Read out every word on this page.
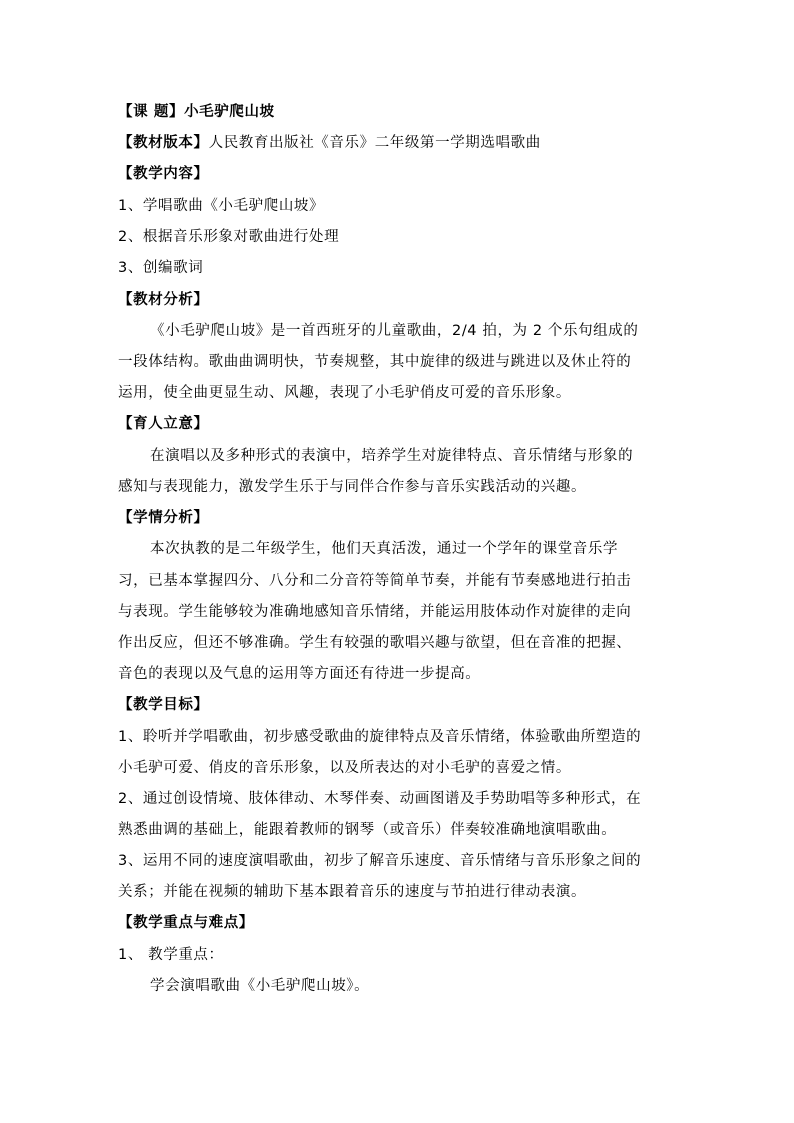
【课 题】小毛驴爬山坡
【教材版本】人民教育出版社《音乐》二年级第一学期选唱歌曲
【教学内容】
1、学唱歌曲《小毛驴爬山坡》
2、根据音乐形象对歌曲进行处理
3、创编歌词
【教材分析】
《小毛驴爬山坡》是一首西班牙的儿童歌曲，2/4 拍，为 2 个乐句组成的
一段体结构。歌曲曲调明快，节奏规整，其中旋律的级进与跳进以及休止符的
运用，使全曲更显生动、风趣，表现了小毛驴俏皮可爱的音乐形象。
【育人立意】
在演唱以及多种形式的表演中，培养学生对旋律特点、音乐情绪与形象的
感知与表现能力，激发学生乐于与同伴合作参与音乐实践活动的兴趣。
【学情分析】
本次执教的是二年级学生，他们天真活泼，通过一个学年的课堂音乐学
习，已基本掌握四分、八分和二分音符等简单节奏，并能有节奏感地进行拍击
与表现。学生能够较为准确地感知音乐情绪，并能运用肢体动作对旋律的走向
作出反应，但还不够准确。学生有较强的歌唱兴趣与欲望，但在音准的把握、
音色的表现以及气息的运用等方面还有待进一步提高。
【教学目标】
1、聆听并学唱歌曲，初步感受歌曲的旋律特点及音乐情绪，体验歌曲所塑造的
小毛驴可爱、俏皮的音乐形象，以及所表达的对小毛驴的喜爱之情。
2、通过创设情境、肢体律动、木琴伴奏、动画图谱及手势助唱等多种形式，在
熟悉曲调的基础上，能跟着教师的钢琴（或音乐）伴奏较准确地演唱歌曲。
3、运用不同的速度演唱歌曲，初步了解音乐速度、音乐情绪与音乐形象之间的
关系；并能在视频的辅助下基本跟着音乐的速度与节拍进行律动表演。
【教学重点与难点】
1、 教学重点：
学会演唱歌曲《小毛驴爬山坡》。
